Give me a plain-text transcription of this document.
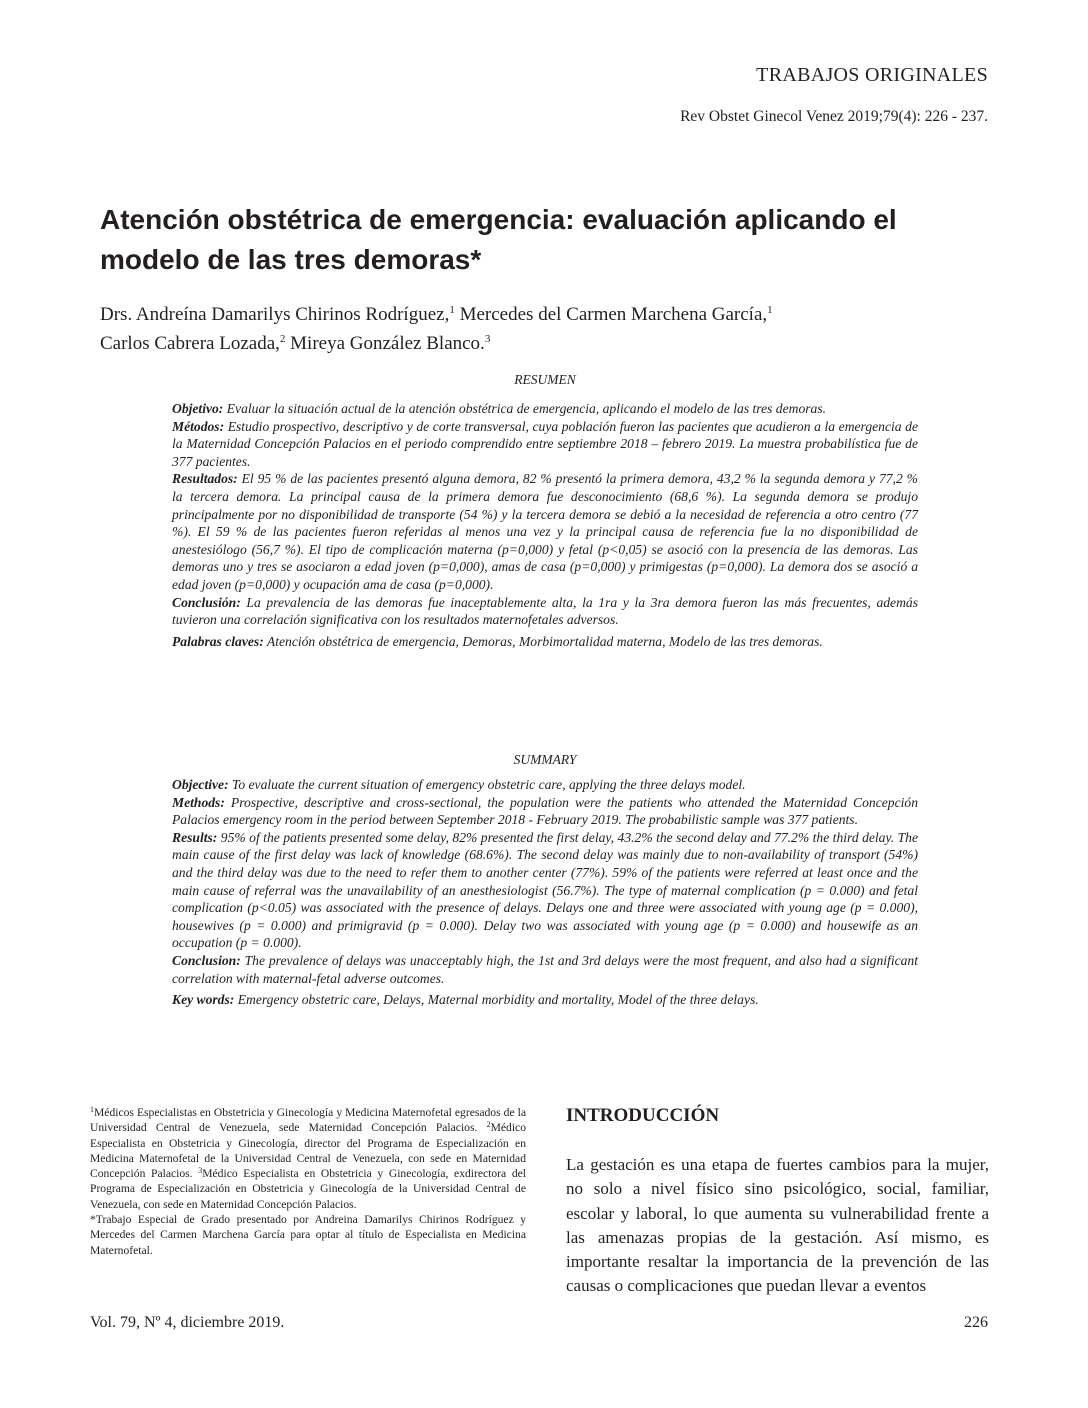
TRABAJOS ORIGINALES
Rev Obstet Ginecol Venez 2019;79(4): 226 - 237.
Atención obstétrica de emergencia: evaluación aplicando el modelo de las tres demoras*
Drs. Andreína Damarilys Chirinos Rodríguez,$^1$ Mercedes del Carmen Marchena García,$^1$
Carlos Cabrera Lozada,$^2$ Mireya González Blanco.$^3$
RESUMEN

Objetivo: Evaluar la situación actual de la atención obstétrica de emergencia, aplicando el modelo de las tres demoras.

Métodos: Estudio prospectivo, descriptivo y de corte transversal, cuya población fueron las pacientes que acudieron a la emergencia de la Maternidad Concepción Palacios en el periodo comprendido entre septiembre 2018 – febrero 2019. La muestra probabilística fue de 377 pacientes.

Resultados: El 95 % de las pacientes presentó alguna demora, 82 % presentó la primera demora, 43,2 % la segunda demora y 77,2 % la tercera demora. La principal causa de la primera demora fue desconocimiento (68,6 %). La segunda demora se produjo principalmente por no disponibilidad de transporte (54 %) y la tercera demora se debió a la necesidad de referencia a otro centro (77 %). El 59 % de las pacientes fueron referidas al menos una vez y la principal causa de referencia fue la no disponibilidad de anestesiólogo (56,7 %). El tipo de complicación materna (p=0,000) y fetal (p<0,05) se asoció con la presencia de las demoras. Las demoras uno y tres se asociaron a edad joven (p=0,000), amas de casa (p=0,000) y primigestas (p=0,000). La demora dos se asoció a edad joven (p=0,000) y ocupación ama de casa (p=0,000).

Conclusión: La prevalencia de las demoras fue inaceptablemente alta, la 1ra y la 3ra demora fueron las más frecuentes, además tuvieron una correlación significativa con los resultados maternofetales adversos.

Palabras claves: Atención obstétrica de emergencia, Demoras, Morbimortalidad materna, Modelo de las tres demoras.

SUMMARY

Objective: To evaluate the current situation of emergency obstetric care, applying the three delays model.

Methods: Prospective, descriptive and cross-sectional, the population were the patients who attended the Maternidad Concepción Palacios emergency room in the period between September 2018 - February 2019. The probabilistic sample was 377 patients.

Results: 95% of the patients presented some delay, 82% presented the first delay, 43.2% the second delay and 77.2% the third delay. The main cause of the first delay was lack of knowledge (68.6%). The second delay was mainly due to non-availability of transport (54%) and the third delay was due to the need to refer them to another center (77%). 59% of the patients were referred at least once and the main cause of referral was the unavailability of an anesthesiologist (56.7%). The type of maternal complication (p = 0.000) and fetal complication (p<0.05) was associated with the presence of delays. Delays one and three were associated with young age (p = 0.000), housewives (p = 0.000) and primigravid (p = 0.000). Delay two was associated with young age (p = 0.000) and housewife as an occupation (p = 0.000).

Conclusion: The prevalence of delays was unacceptably high, the 1st and 3rd delays were the most frequent, and also had a significant correlation with maternal-fetal adverse outcomes.

Key words: Emergency obstetric care, Delays, Maternal morbidity and mortality, Model of the three delays.

$^1$Médicos Especialistas en Obstetricia y Ginecología y Medicina Maternofetal egresados de la Universidad Central de Venezuela, sede Maternidad Concepción Palacios. $^2$Médico Especialista en Obstetricia y Ginecología, director del Programa de Especialización en Medicina Maternofetal de la Universidad Central de Venezuela, con sede en Maternidad Concepción Palacios. $^3$Médico Especialista en Obstetricia y Ginecología, exdirectora del Programa de Especialización en Obstetricia y Ginecología de la Universidad Central de Venezuela, con sede en Maternidad Concepción Palacios.

*Trabajo Especial de Grado presentado por Andreina Damarilys Chirinos Rodríguez y Mercedes del Carmen Marchena García para optar al título de Especialista en Medicina Maternofetal.

INTRODUCCIÓN

La gestación es una etapa de fuertes cambios para la mujer, no solo a nivel físico sino psicológico, social, familiar, escolar y laboral, lo que aumenta su vulnerabilidad frente a las amenazas propias de la gestación. Así mismo, es importante resaltar la importancia de la prevención de las causas o complicaciones que puedan llevar a eventos

Vol. 79, Nº 4, diciembre 2019.	226
